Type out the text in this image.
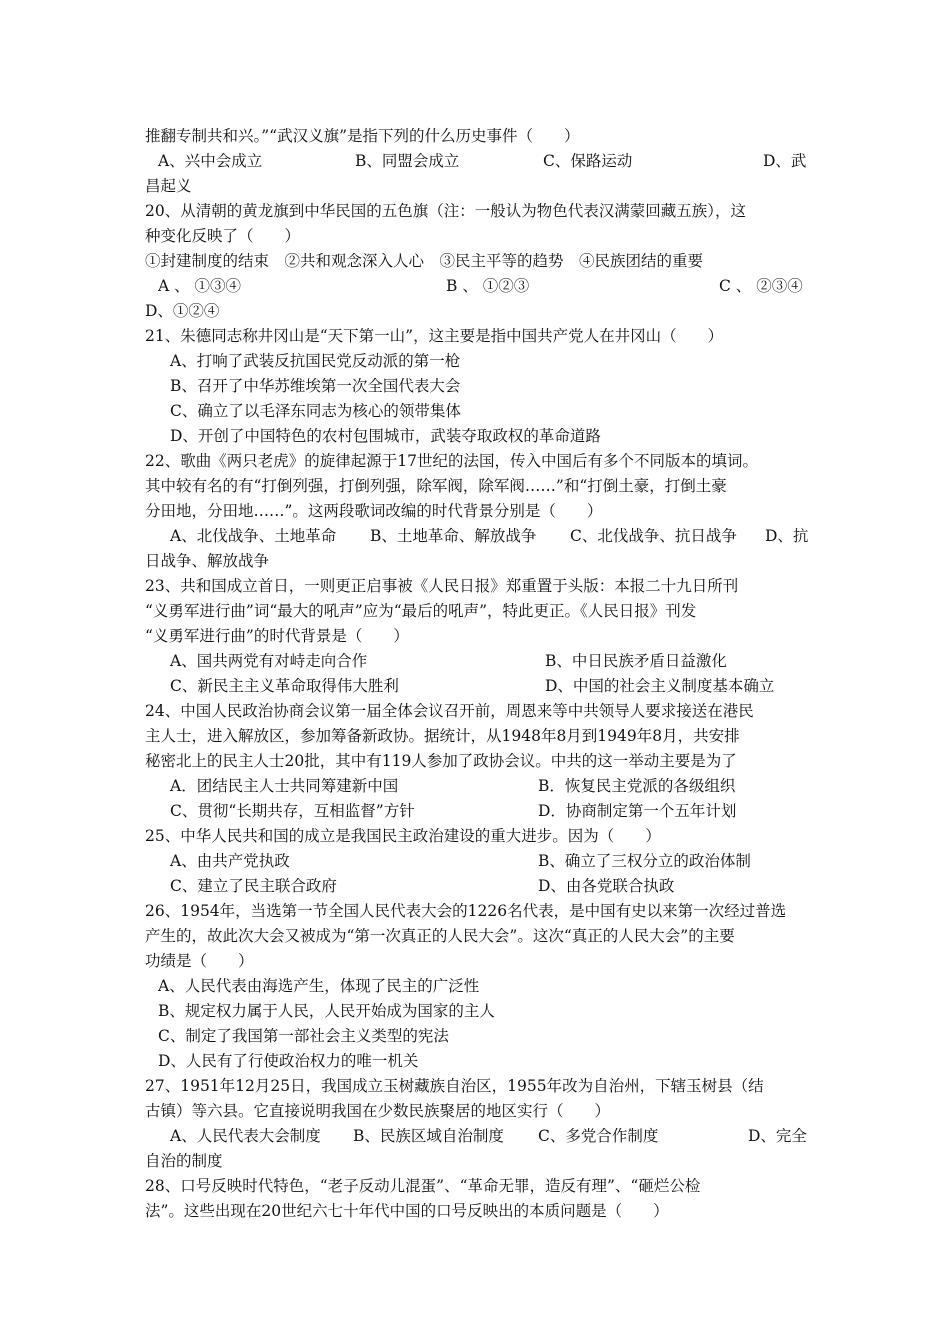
推翻专制共和兴。”“武汉义旗”是指下列的什么历史事件（　　）
A、兴中会成立	B、同盟会成立	C、保路运动	D、武
昌起义
20、从清朝的黄龙旗到中华民国的五色旗（注：一般认为物色代表汉满蒙回藏五族），这
种变化反映了（　　）
①封建制度的结束　②共和观念深入人心　③民主平等的趋势　④民族团结的重要
A 、 ①③④	B 、 ①②③	C 、 ②③④
D、①②④
21、朱德同志称井冈山是“天下第一山”，这主要是指中国共产党人在井冈山（　　）
A、打响了武装反抗国民党反动派的第一枪
B、召开了中华苏维埃第一次全国代表大会
C、确立了以毛泽东同志为核心的领带集体
D、开创了中国特色的农村包围城市，武装夺取政权的革命道路
22、歌曲《两只老虎》的旋律起源于17世纪的法国，传入中国后有多个不同版本的填词。
其中较有名的有“打倒列强，打倒列强，除军阀，除军阀……”和“打倒土豪，打倒土豪
分田地，分田地……”。这两段歌词改编的时代背景分别是（　　）
A、北伐战争、土地革命 B、土地革命、解放战争 C、北伐战争、抗日战争 D、抗
日战争、解放战争
23、共和国成立首日，一则更正启事被《人民日报》郑重置于头版：本报二十九日所刊
“义勇军进行曲”词“最大的吼声”应为“最后的吼声”，特此更正。《人民日报》刊发
“义勇军进行曲”的时代背景是（　　）
A、国共两党有对峙走向合作	B、中日民族矛盾日益激化
C、新民主主义革命取得伟大胜利	D、中国的社会主义制度基本确立
24、中国人民政治协商会议第一届全体会议召开前，周恩来等中共领导人要求接送在港民
主人士，进入解放区，参加筹备新政协。据统计，从1948年8月到1949年8月，共安排
秘密北上的民主人士20批，其中有119人参加了政协会议。中共的这一举动主要是为了
A．团结民主人士共同筹建新中国	B．恢复民主党派的各级组织
C、贯彻“长期共存，互相监督”方针	D．协商制定第一个五年计划
25、中华人民共和国的成立是我国民主政治建设的重大进步。因为（　　）
A、由共产党执政	B、确立了三权分立的政治体制
C、建立了民主联合政府	D、由各党联合执政
26、1954年，当选第一节全国人民代表大会的1226名代表，是中国有史以来第一次经过普选
产生的，故此次大会又被成为“第一次真正的人民大会”。这次“真正的人民大会”的主要
功绩是（　　）
A、人民代表由海选产生，体现了民主的广泛性
B、规定权力属于人民，人民开始成为国家的主人
C、制定了我国第一部社会主义类型的宪法
D、人民有了行使政治权力的唯一机关
27、1951年12月25日，我国成立玉树藏族自治区，1955年改为自治州，下辖玉树县（结
古镇）等六县。它直接说明我国在少数民族聚居的地区实行（　　）
A、人民代表大会制度 B、民族区域自治制度 C、多党合作制度	D、完全
自治的制度
28、口号反映时代特色，“老子反动儿混蛋”、“革命无罪，造反有理”、“砸烂公检
法”。这些出现在20世纪六七十年代中国的口号反映出的本质问题是（　　）
